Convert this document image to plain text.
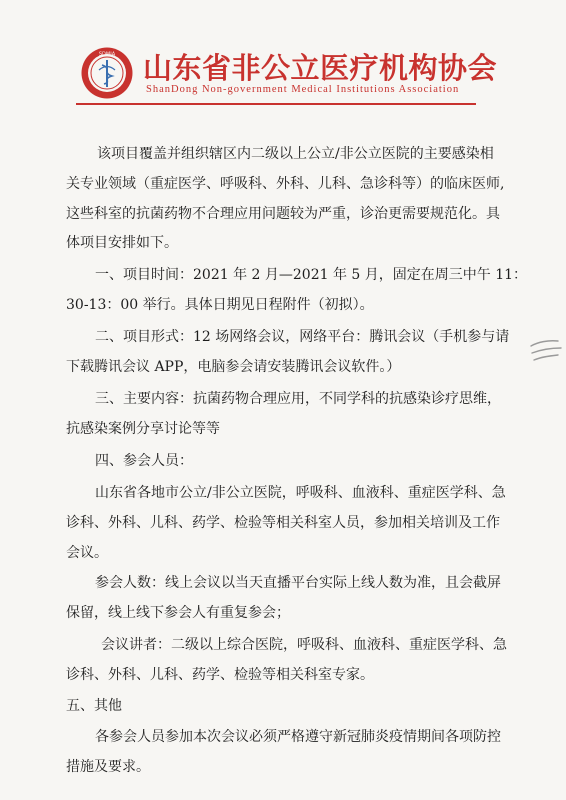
SDMIA 山东省非公立医疗机构协会
ShanDong Non-government Medical Institutions Association
该项目覆盖并组织辖区内二级以上公立/非公立医院的主要感染相
关专业领域（重症医学、呼吸科、外科、儿科、急诊科等）的临床医师,
这些科室的抗菌药物不合理应用问题较为严重，诊治更需要规范化。具
体项目安排如下。
一、项目时间：2021 年 2 月—2021 年 5 月，固定在周三中午 11：
30-13：00 举行。具体日期见日程附件（初拟）。
二、项目形式：12 场网络会议，网络平台：腾讯会议（手机参与请
下载腾讯会议 APP，电脑参会请安装腾讯会议软件。）
三、主要内容：抗菌药物合理应用，不同学科的抗感染诊疗思维，
抗感染案例分享讨论等等
四、参会人员：
山东省各地市公立/非公立医院，呼吸科、血液科、重症医学科、急
诊科、外科、儿科、药学、检验等相关科室人员，参加相关培训及工作
会议。
参会人数：线上会议以当天直播平台实际上线人数为准，且会截屏
保留，线上线下参会人有重复参会；
会议讲者：二级以上综合医院，呼吸科、血液科、重症医学科、急
诊科、外科、儿科、药学、检验等相关科室专家。
五、其他
各参会人员参加本次会议必须严格遵守新冠肺炎疫情期间各项防控
措施及要求。
